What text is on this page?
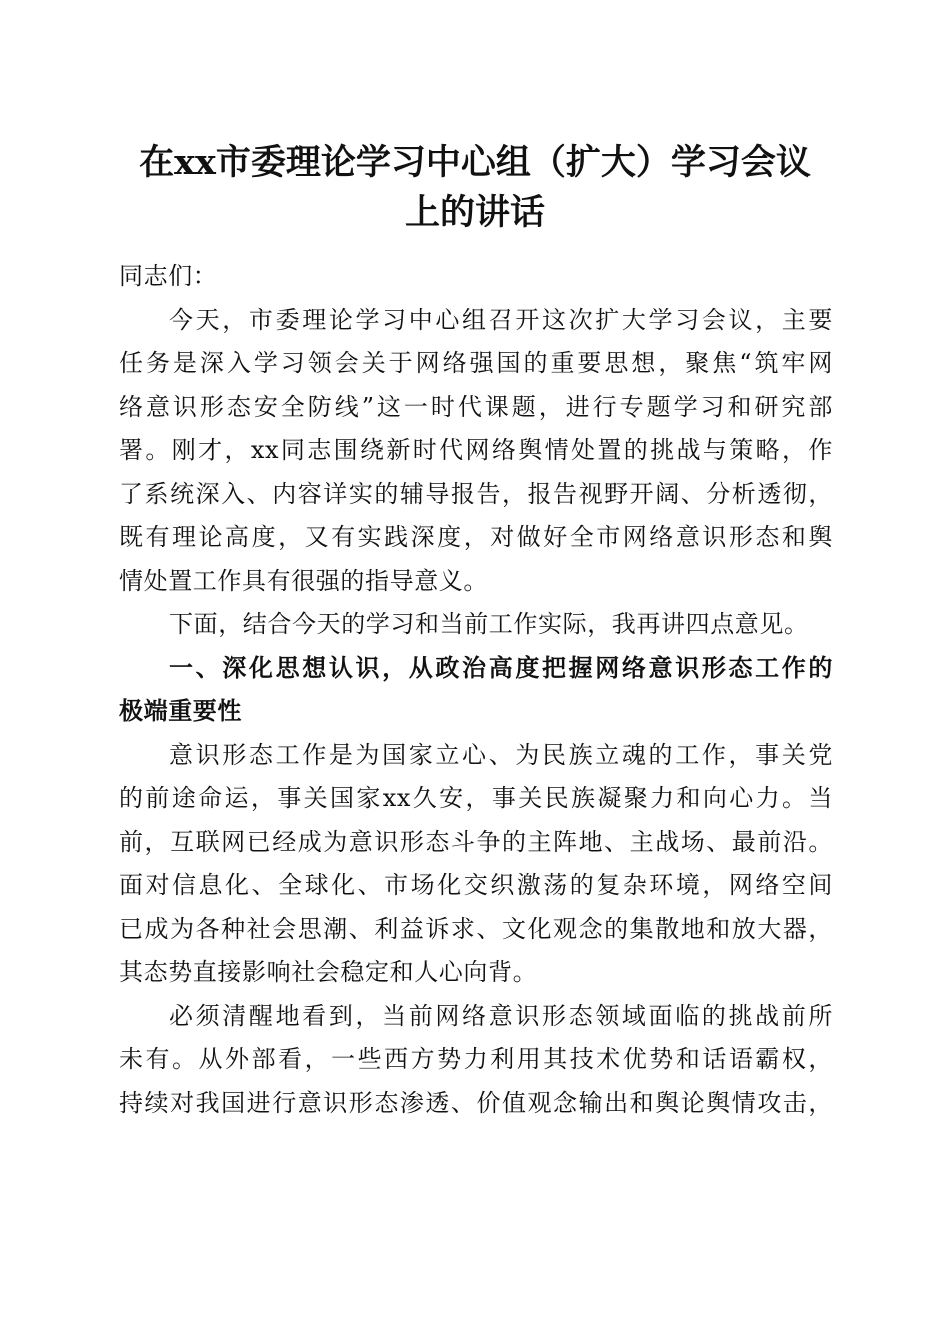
在xx市委理论学习中心组（扩大）学习会议
上的讲话
同志们：
今天，市委理论学习中心组召开这次扩大学习会议，主要
任务是深入学习领会关于网络强国的重要思想，聚焦“筑牢网
络意识形态安全防线”这一时代课题，进行专题学习和研究部
署。刚才，xx同志围绕新时代网络舆情处置的挑战与策略，作
了系统深入、内容详实的辅导报告，报告视野开阔、分析透彻，
既有理论高度，又有实践深度，对做好全市网络意识形态和舆
情处置工作具有很强的指导意义。
下面，结合今天的学习和当前工作实际，我再讲四点意见。
一、深化思想认识，从政治高度把握网络意识形态工作的
极端重要性
意识形态工作是为国家立心、为民族立魂的工作，事关党
的前途命运，事关国家xx久安，事关民族凝聚力和向心力。当
前，互联网已经成为意识形态斗争的主阵地、主战场、最前沿。
面对信息化、全球化、市场化交织激荡的复杂环境，网络空间
已成为各种社会思潮、利益诉求、文化观念的集散地和放大器，
其态势直接影响社会稳定和人心向背。
必须清醒地看到，当前网络意识形态领域面临的挑战前所
未有。从外部看，一些西方势力利用其技术优势和话语霸权，
持续对我国进行意识形态渗透、价值观念输出和舆论舆情攻击，
